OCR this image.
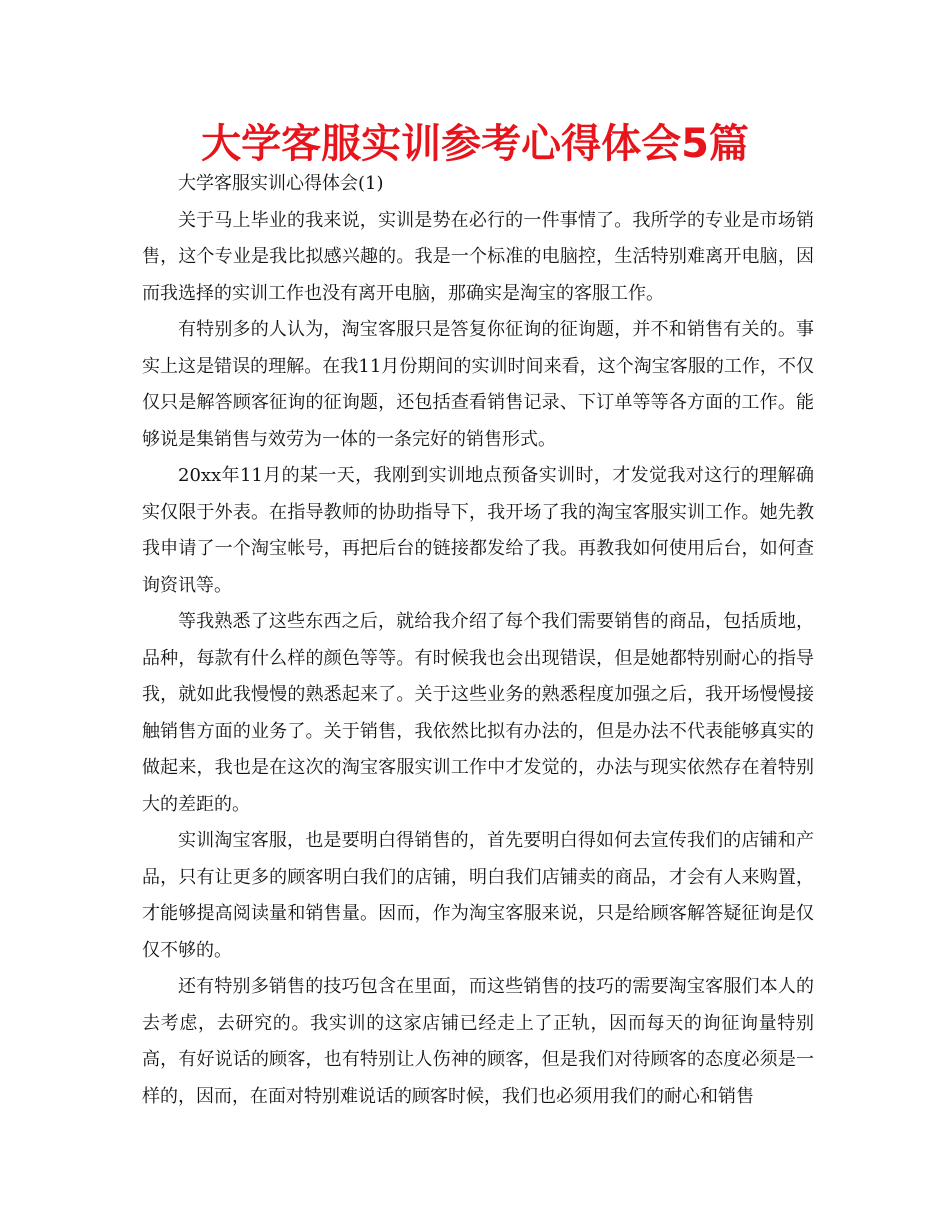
大学客服实训参考心得体会5篇

大学客服实训心得体会(1)

关于马上毕业的我来说，实训是势在必行的一件事情了。我所学的专业是市场销售，这个专业是我比拟感兴趣的。我是一个标准的电脑控，生活特别难离开电脑，因而我选择的实训工作也没有离开电脑，那确实是淘宝的客服工作。

有特别多的人认为，淘宝客服只是答复你征询的征询题，并不和销售有关的。事实上这是错误的理解。在我11月份期间的实训时间来看，这个淘宝客服的工作，不仅仅只是解答顾客征询的征询题，还包括查看销售记录、下订单等等各方面的工作。能够说是集销售与效劳为一体的一条完好的销售形式。

20xx年11月的某一天，我刚到实训地点预备实训时，才发觉我对这行的理解确实仅限于外表。在指导教师的协助指导下，我开场了我的淘宝客服实训工作。她先教我申请了一个淘宝帐号，再把后台的链接都发给了我。再教我如何使用后台，如何查询资讯等。

等我熟悉了这些东西之后，就给我介绍了每个我们需要销售的商品，包括质地，品种，每款有什么样的颜色等等。有时候我也会出现错误，但是她都特别耐心的指导我，就如此我慢慢的熟悉起来了。关于这些业务的熟悉程度加强之后，我开场慢慢接触销售方面的业务了。关于销售，我依然比拟有办法的，但是办法不代表能够真实的做起来，我也是在这次的淘宝客服实训工作中才发觉的，办法与现实依然存在着特别大的差距的。

实训淘宝客服，也是要明白得销售的，首先要明白得如何去宣传我们的店铺和产品，只有让更多的顾客明白我们的店铺，明白我们店铺卖的商品，才会有人来购置，才能够提高阅读量和销售量。因而，作为淘宝客服来说，只是给顾客解答疑征询是仅仅不够的。

还有特别多销售的技巧包含在里面，而这些销售的技巧的需要淘宝客服们本人的去考虑，去研究的。我实训的这家店铺已经走上了正轨，因而每天的询征询量特别高，有好说话的顾客，也有特别让人伤神的顾客，但是我们对待顾客的态度必须是一样的，因而，在面对特别难说话的顾客时候，我们也必须用我们的耐心和销售
